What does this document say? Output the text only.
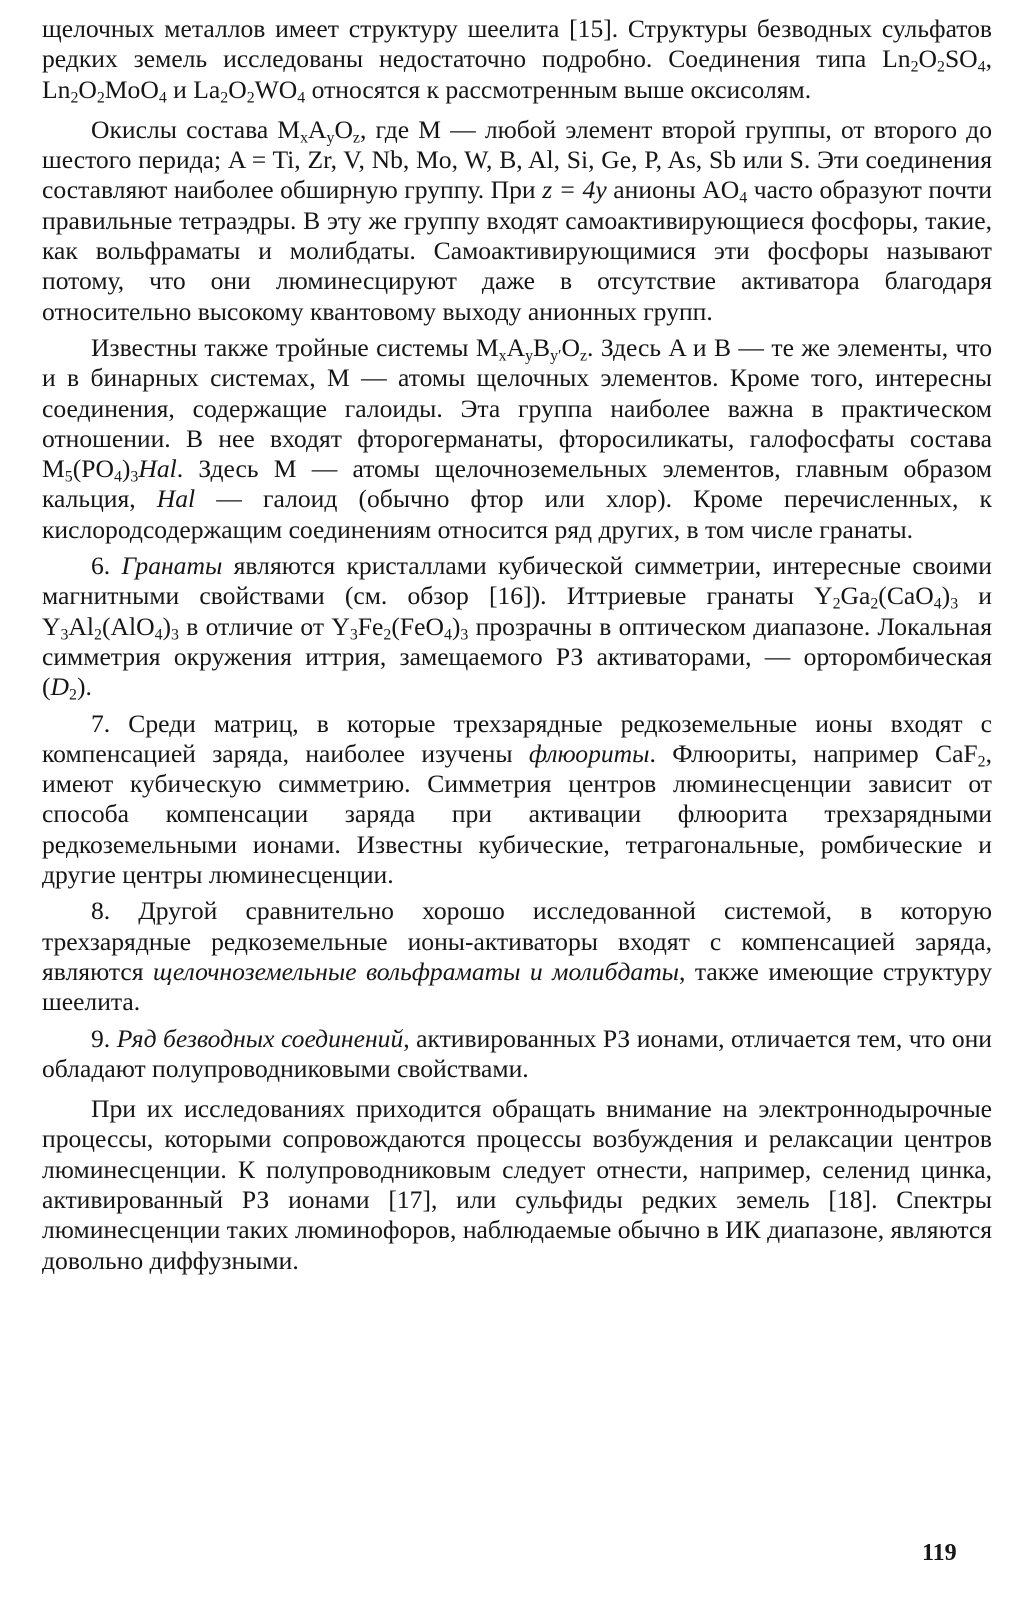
щелочных металлов имеет структуру шеелита [15]. Структуры безводных сульфатов редких земель исследованы недостаточно подробно. Соединения типа $Ln_2O_2SO_4$, $Ln_2O_2MoO_4$ и $La_2O_2WO_4$ относятся к рассмотренным выше оксисолям.

Окислы состава $M_xA_yO_z$, где M — любой элемент второй группы, от второго до шестого перида; A = Ti, Zr, V, Nb, Mo, W, B, Al, Si, Ge, P, As, Sb или S. Эти соединения составляют наиболее обширную группу. При z = 4y анионы $AO_4$ часто образуют почти правильные тетраэдры. В эту же группу входят самоактивирующиеся фосфоры, такие, как вольфраматы и молибдаты. Самоактивирующимися эти фосфоры называют потому, что они люминесцируют даже в отсутствие активатора благодаря относительно высокому квантовому выходу анионных групп.

Известны также тройные системы $M_xA_yB_{y'}O_z$. Здесь A и B — те же элементы, что и в бинарных системах, M — атомы щелочных элементов. Кроме того, интересны соединения, содержащие галоиды. Эта группа наиболее важна в практическом отношении. В нее входят фторогерманаты, фторосиликаты, галофосфаты состава $M_5(PO_4)_3Hal$. Здесь M — атомы щелочноземельных элементов, главным образом кальция, Hal — галоид (обычно фтор или хлор). Кроме перечисленных, к кислородсодержащим соединениям относится ряд других, в том числе гранаты.

6. Гранаты являются кристаллами кубической симметрии, интересные своими магнитными свойствами (см. обзор [16]). Иттриевые гранаты $Y_2Ga_2(CaO_4)_3$ и $Y_3Al_2(AlO_4)_3$ в отличие от $Y_3Fe_2(FeO_4)_3$ прозрачны в оптическом диапазоне. Локальная симметрия окружения иттрия, замещаемого РЗ активаторами, — орторомбическая $(D_2)$.

7. Среди матриц, в которые трехзарядные редкоземельные ионы входят с компенсацией заряда, наиболее изучены флюориты. Флюориты, например CaF$_2$, имеют кубическую симметрию. Симметрия центров люминесценции зависит от способа компенсации заряда при активации флюорита трехзарядными редкоземельными ионами. Известны кубические, тетрагональные, ромбические и другие центры люминесценции.

8. Другой сравнительно хорошо исследованной системой, в которую трехзарядные редкоземельные ионы-активаторы входят с компенсацией заряда, являются щелочноземельные вольфраматы и молибдаты, также имеющие структуру шеелита.

9. Ряд безводных соединений, активированных РЗ ионами, отличается тем, что они обладают полупроводниковыми свойствами.

При их исследованиях приходится обращать внимание на электроннодырочные процессы, которыми сопровождаются процессы возбуждения и релаксации центров люминесценции. К полупроводниковым следует отнести, например, селенид цинка, активированный РЗ ионами [17], или сульфиды редких земель [18]. Спектры люминесценции таких люминофоров, наблюдаемые обычно в ИК диапазоне, являются довольно диффузными.

119
